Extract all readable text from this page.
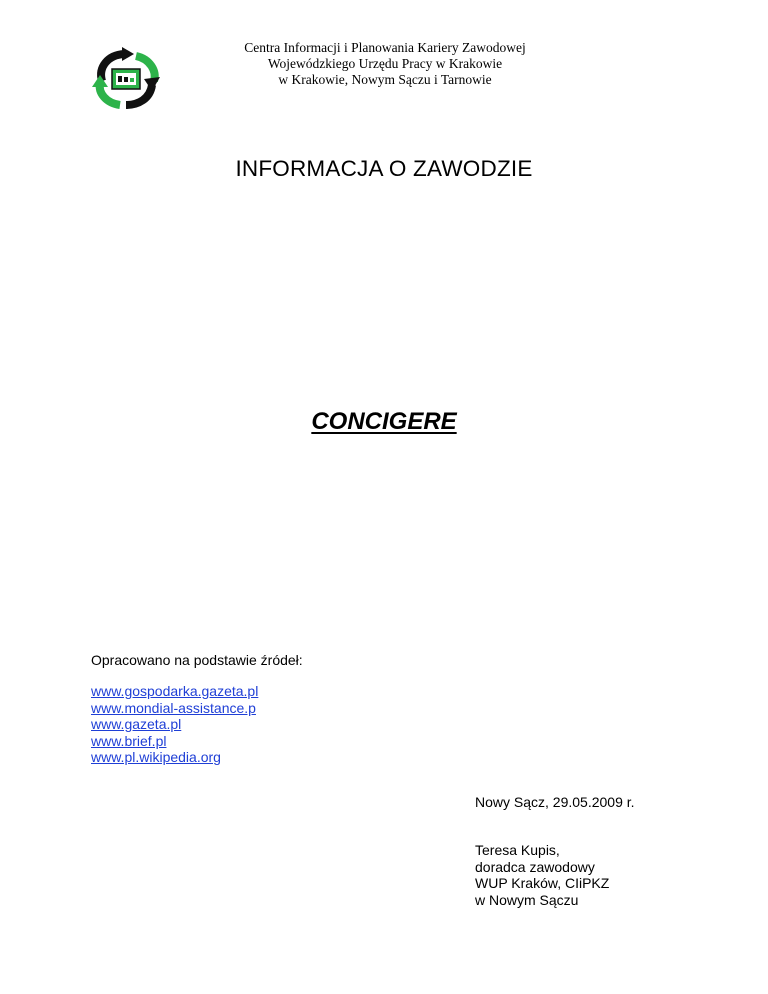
Centra Informacji i Planowania Kariery Zawodowej
Wojewódzkiego Urzędu Pracy w Krakowie
w Krakowie, Nowym Sączu i Tarnowie
INFORMACJA O ZAWODZIE
CONCIGERE
Opracowano na podstawie źródeł:
www.gospodarka.gazeta.pl
www.mondial-assistance.p
www.gazeta.pl
www.brief.pl
www.pl.wikipedia.org
Nowy Sącz, 29.05.2009 r.
Teresa Kupis,
doradca zawodowy
WUP Kraków, CIiPKZ
w Nowym Sączu
